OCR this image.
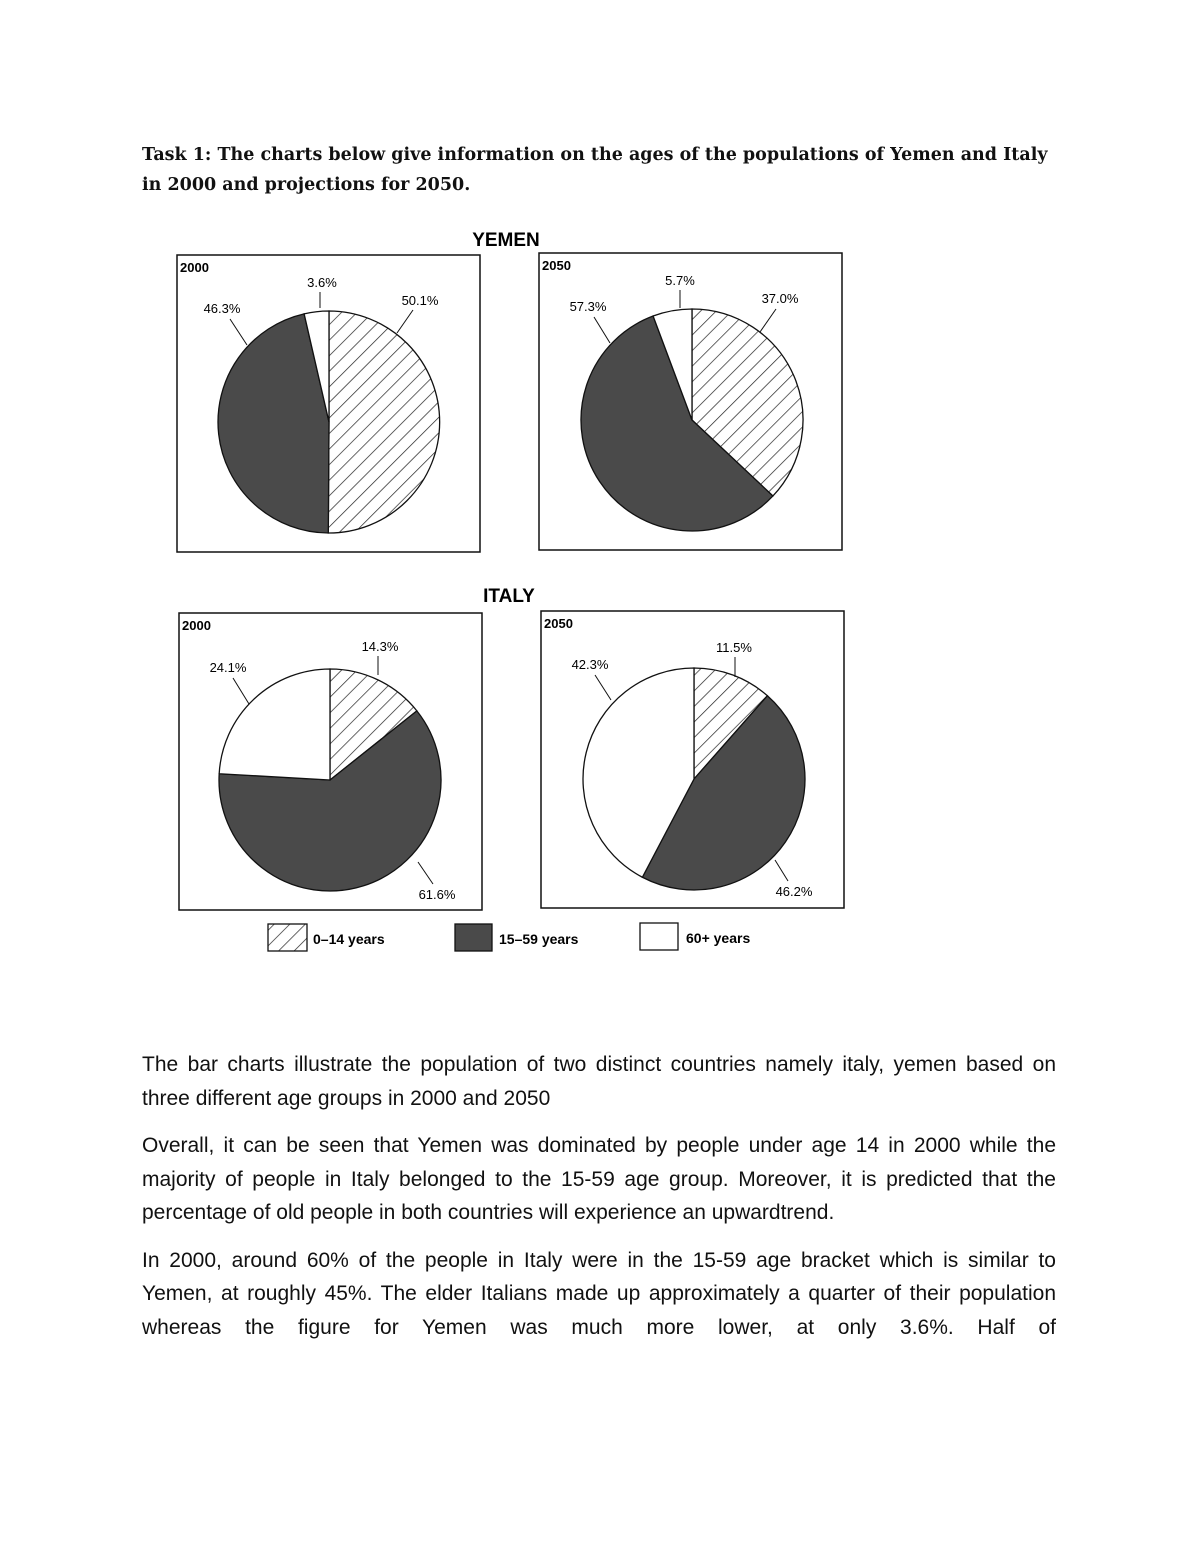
Task 1: The charts below give information on the ages of the populations of Yemen and Italy in 2000 and projections for 2050.

YEMEN
ITALY
2000	2050
2000	2050
50.1%
46.3%
3.6%
37.0%
57.3%
5.7%
14.3%
61.6%
24.1%
11.5%
46.2%
42.3%
0–14 years	15–59 years	60+ years

The bar charts illustrate the population of two distinct countries namely italy, yemen based on three different age groups in 2000 and 2050

Overall, it can be seen that Yemen was dominated by people under age 14 in 2000 while the majority of people in Italy belonged to the 15-59 age group. Moreover, it is predicted that the percentage of old people in both countries will experience an upwardtrend.

In 2000, around 60% of the people in Italy were in the 15-59 age bracket which is similar to Yemen, at roughly 45%. The elder Italians made up approximately a quarter of their population whereas the figure for Yemen was much more lower, at only 3.6%. Half of
